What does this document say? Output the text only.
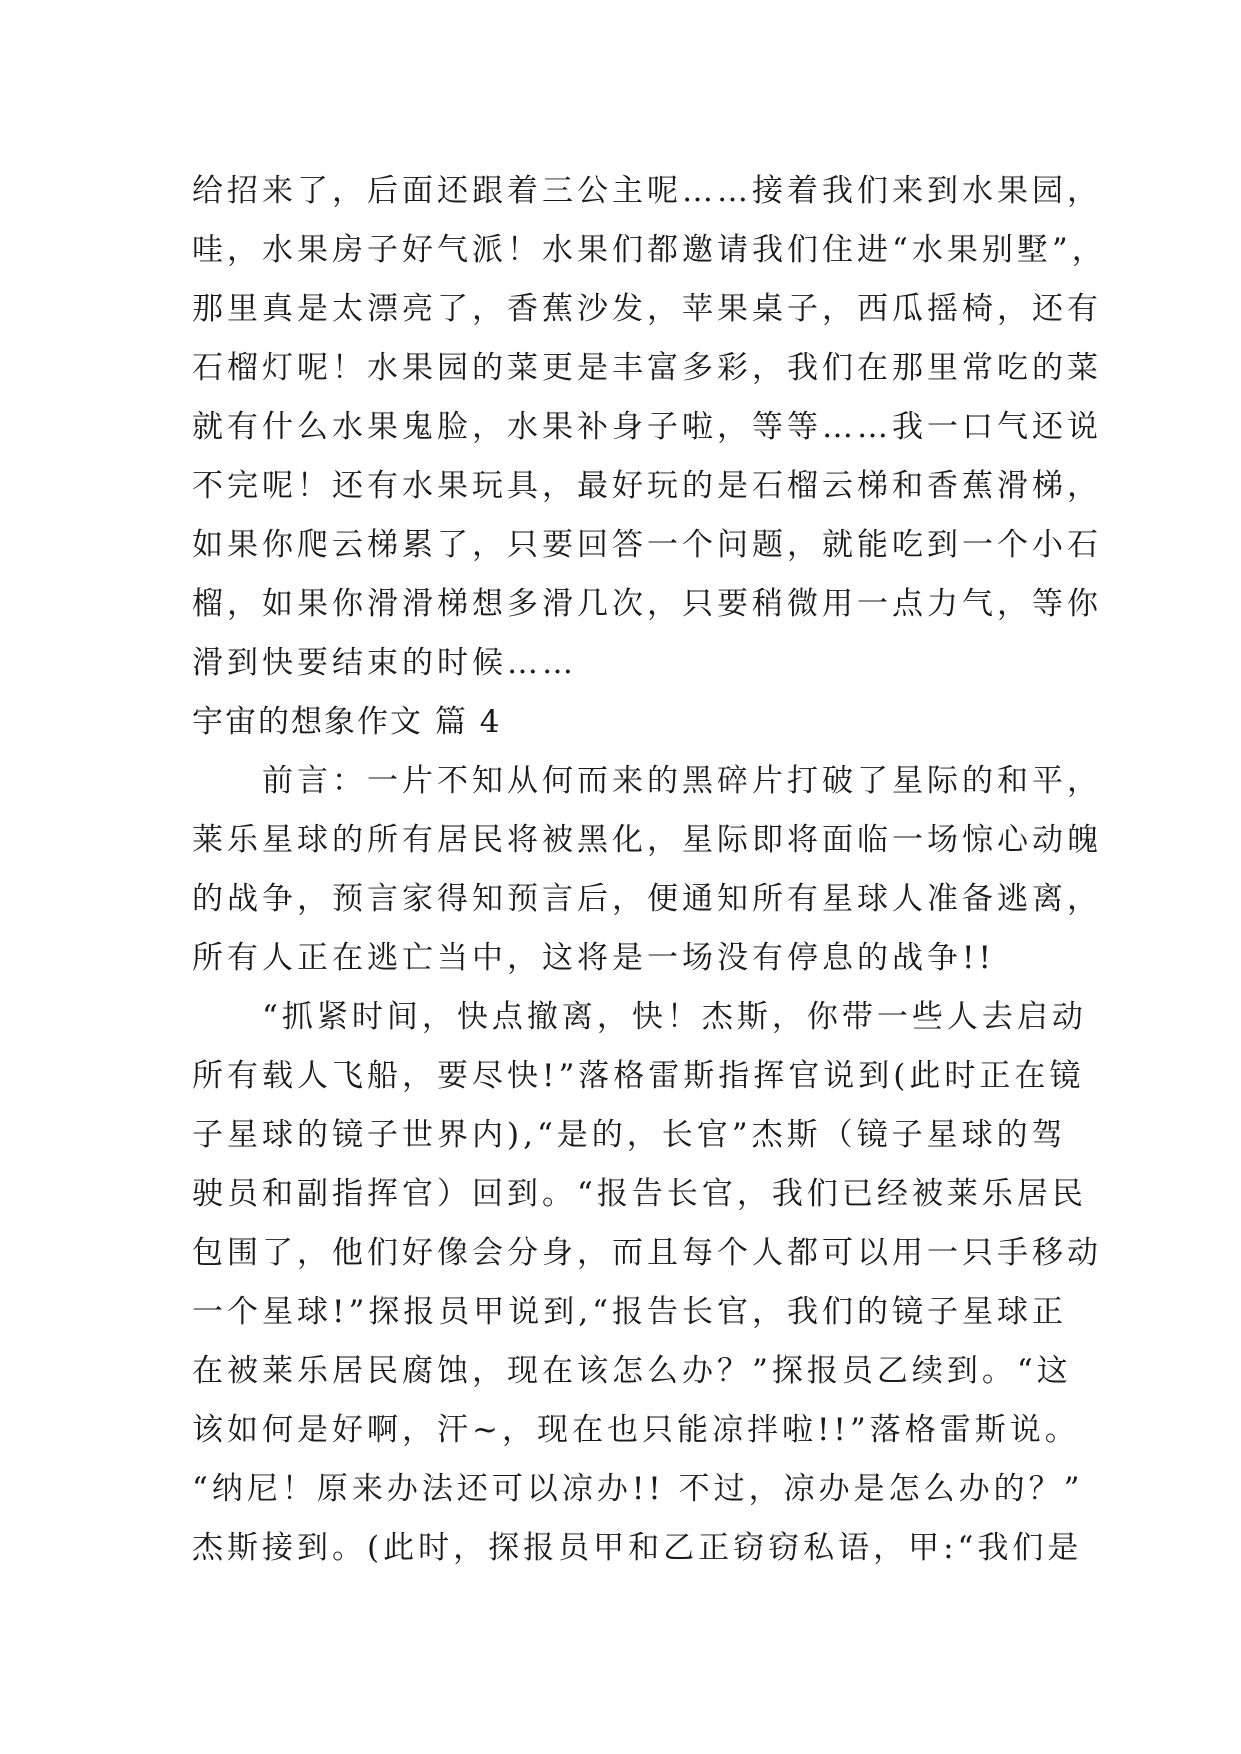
给招来了，后面还跟着三公主呢……接着我们来到水果园，
哇，水果房子好气派！水果们都邀请我们住进“水果别墅”，
那里真是太漂亮了，香蕉沙发，苹果桌子，西瓜摇椅，还有
石榴灯呢！水果园的菜更是丰富多彩，我们在那里常吃的菜
就有什么水果鬼脸，水果补身子啦，等等……我一口气还说
不完呢！还有水果玩具，最好玩的是石榴云梯和香蕉滑梯，
如果你爬云梯累了，只要回答一个问题，就能吃到一个小石
榴，如果你滑滑梯想多滑几次，只要稍微用一点力气，等你
滑到快要结束的时候……
宇宙的想象作文 篇 4
前言：一片不知从何而来的黑碎片打破了星际的和平，
莱乐星球的所有居民将被黑化，星际即将面临一场惊心动魄
的战争，预言家得知预言后，便通知所有星球人准备逃离，
所有人正在逃亡当中，这将是一场没有停息的战争!!
“抓紧时间，快点撤离，快！杰斯，你带一些人去启动
所有载人飞船，要尽快!”落格雷斯指挥官说到(此时正在镜
子星球的镜子世界内),“是的，长官”杰斯（镜子星球的驾
驶员和副指挥官）回到。“报告长官，我们已经被莱乐居民
包围了，他们好像会分身，而且每个人都可以用一只手移动
一个星球!”探报员甲说到,“报告长官，我们的镜子星球正
在被莱乐居民腐蚀，现在该怎么办？”探报员乙续到。“这
该如何是好啊，汗~，现在也只能凉拌啦!!”落格雷斯说。
“纳尼！原来办法还可以凉办!! 不过，凉办是怎么办的？”
杰斯接到。(此时，探报员甲和乙正窃窃私语，甲:“我们是
